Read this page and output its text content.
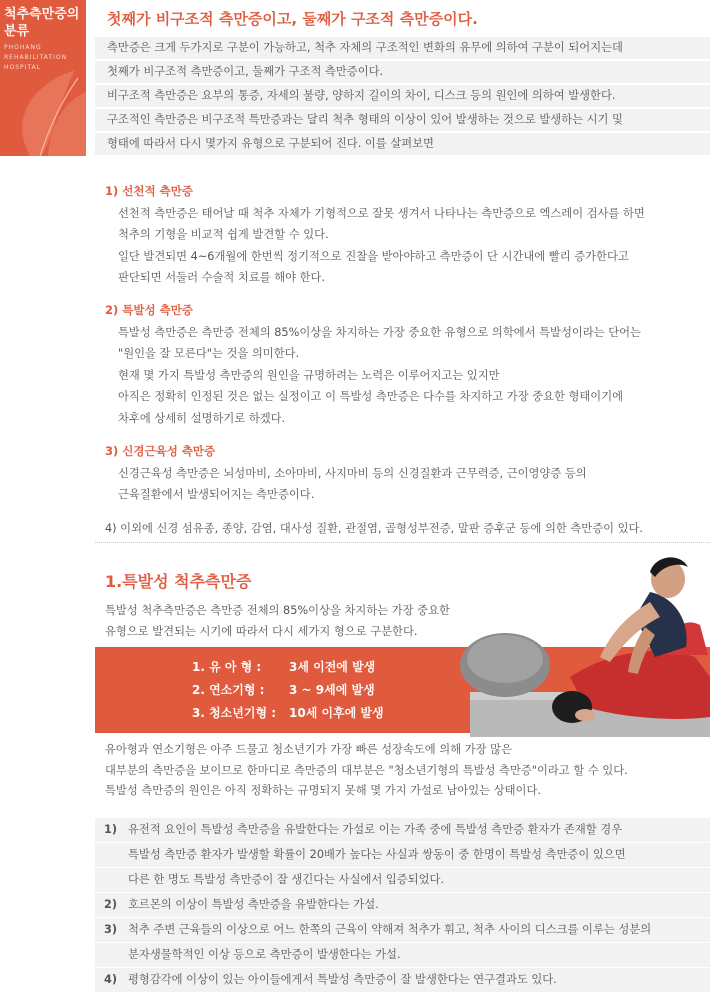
척추측만증의
분류
PHOHANG
REHABILITATION
HOSPITAL
첫째가 비구조적 측만증이고, 둘째가 구조적 측만증이다.
측만증은 크게 두가지로 구분이 가능하고, 척추 자체의 구조적인 변화의 유무에 의하여 구분이 되어지는데
첫째가 비구조적 측만증이고, 둘째가 구조적 측만증이다.
비구조적 측만증은 요부의 통증, 자세의 불량, 양하지 길이의 차이, 디스크 등의 원인에 의하여 발생한다.
구조적인 측만증은 비구조적 특만증과는 달리 척추 형태의 이상이 있어 발생하는 것으로 발생하는 시기 및
형태에 따라서 다시 몇가지 유형으로 구분되어 진다. 이를 살펴보면
1) 선천적 측만증
선천적 측만증은 태어날 때 척추 자체가 기형적으로 잘못 생겨서 나타나는 측만증으로 엑스레이 검사를 하면
척추의 기형을 비교적 쉽게 발견할 수 있다.
일단 발견되면 4~6개월에 한번씩 정기적으로 진찰을 받아야하고 측만증이 단 시간내에 빨리 증가한다고
판단되면 서둘러 수술적 치료를 해야 한다.
2) 특발성 측만증
특발성 측만증은 측만증 전체의 85%이상을 차지하는 가장 중요한 유형으로 의학에서 특발성이라는 단어는
"원인을 잘 모른다"는 것을 의미한다.
현재 몇 가지 특발성 측만증의 원인을 규명하려는 노력은 이루어지고는 있지만
아직은 정확히 인정된 것은 없는 실정이고 이 특발성 측만증은 다수를 차지하고 가장 중요한 형태이기에
차후에 상세히 설명하기로 하겠다.
3) 신경근육성 측만증
신경근육성 측만증은 뇌성마비, 소아마비, 사지마비 등의 신경질환과 근무력증, 근이영양증 등의
근육질환에서 발생되어지는 측만증이다.
4) 이외에 신경 섬유종, 종양, 감염, 대사성 질환, 관절염, 골형성부전증, 말판 증후군 등에 의한 측만증이 있다.
1.특발성 척추측만증
특발성 척추측만증은 측만증 전체의 85%이상을 차지하는 가장 중요한
유형으로 발견되는 시기에 따라서 다시 세가지 형으로 구분한다.
1. 유 아 형 : 3세 이전에 발생
2. 연소기형 : 3 ~ 9세에 발생
3. 청소년기형 : 10세 이후에 발생
유아형과 연소기형은 아주 드물고 청소년기가 가장 빠른 성장속도에 의해 가장 많은
대부분의 측만증을 보이므로 한마디로 측만증의 대부분은 "청소년기형의 특발성 측만증"이라고 할 수 있다.
특발성 측만증의 원인은 아직 정확하는 규명되지 못해 몇 가지 가설로 남아있는 상태이다.
1) 유전적 요인이 특발성 측만증을 유발한다는 가설로 이는 가족 중에 특발성 측만증 환자가 존재할 경우
특발성 측만증 환자가 발생할 확률이 20배가 높다는 사실과 쌍동이 중 한명이 특발성 측만증이 있으면
다른 한 명도 특발성 측만증이 잘 생긴다는 사실에서 입증되었다.
2) 호르몬의 이상이 특발성 측만증을 유발한다는 가설.
3) 척추 주변 근육들의 이상으로 어느 한쪽의 근육이 약해져 척추가 휘고, 척추 사이의 디스크를 이루는 성분의
분자생물학적인 이상 등으로 측만증이 발생한다는 가설.
4) 평형감각에 이상이 있는 아이들에게서 특발성 측만증이 잘 발생한다는 연구결과도 있다.
